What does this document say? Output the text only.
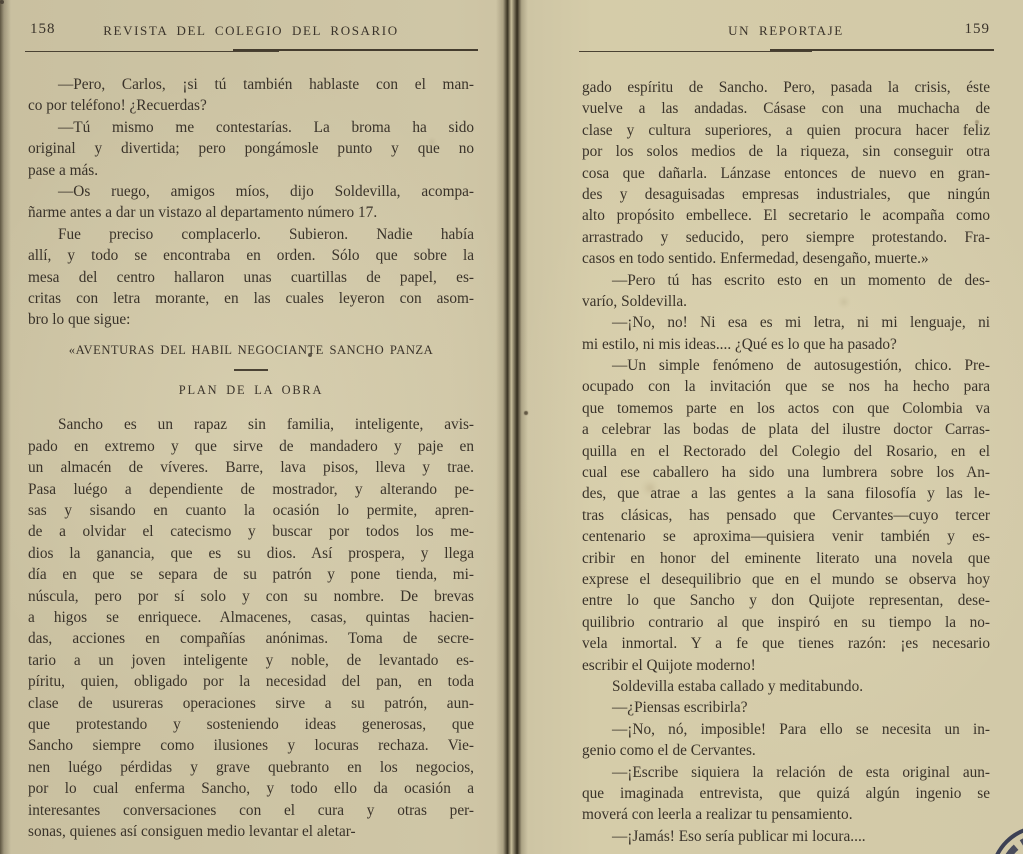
158	REVISTA DEL COLEGIO DEL ROSARIO
—Pero, Carlos, ¡si tú también hablaste con el man-
co por teléfono! ¿Recuerdas?
—Tú mismo me contestarías. La broma ha sido
original y divertida; pero pongámosle punto y que no
pase a más.
—Os ruego, amigos míos, dijo Soldevilla, acompa-
ñarme antes a dar un vistazo al departamento número 17.
Fue preciso complacerlo. Subieron. Nadie había
allí, y todo se encontraba en orden. Sólo que sobre la
mesa del centro hallaron unas cuartillas de papel, es-
critas con letra morante, en las cuales leyeron con asom-
bro lo que sigue:
«AVENTURAS DEL HABIL NEGOCIANTE SANCHO PANZA
PLAN DE LA OBRA
Sancho es un rapaz sin familia, inteligente, avis-
pado en extremo y que sirve de mandadero y paje en
un almacén de víveres. Barre, lava pisos, lleva y trae.
Pasa luégo a dependiente de mostrador, y alterando pe-
sas y sisando en cuanto la ocasión lo permite, apren-
de a olvidar el catecismo y buscar por todos los me-
dios la ganancia, que es su dios. Así prospera, y llega
día en que se separa de su patrón y pone tienda, mi-
núscula, pero por sí solo y con su nombre. De brevas
a higos se enriquece. Almacenes, casas, quintas hacien-
das, acciones en compañías anónimas. Toma de secre-
tario a un joven inteligente y noble, de levantado es-
píritu, quien, obligado por la necesidad del pan, en toda
clase de usureras operaciones sirve a su patrón, aun-
que protestando y sosteniendo ideas generosas, que
Sancho siempre como ilusiones y locuras rechaza. Vie-
nen luégo pérdidas y grave quebranto en los negocios,
por lo cual enferma Sancho, y todo ello da ocasión a
interesantes conversaciones con el cura y otras per-
sonas, quienes así consiguen medio levantar el aletar-
UN REPORTAJE	159
gado espíritu de Sancho. Pero, pasada la crisis, éste
vuelve a las andadas. Cásase con una muchacha de
clase y cultura superiores, a quien procura hacer feliz
por los solos medios de la riqueza, sin conseguir otra
cosa que dañarla. Lánzase entonces de nuevo en gran-
des y desaguisadas empresas industriales, que ningún
alto propósito embellece. El secretario le acompaña como
arrastrado y seducido, pero siempre protestando. Fra-
casos en todo sentido. Enfermedad, desengaño, muerte.»
—Pero tú has escrito esto en un momento de des-
varío, Soldevilla.
—¡No, no! Ni esa es mi letra, ni mi lenguaje, ni
mi estilo, ni mis ideas.... ¿Qué es lo que ha pasado?
—Un simple fenómeno de autosugestión, chico. Pre-
ocupado con la invitación que se nos ha hecho para
que tomemos parte en los actos con que Colombia va
a celebrar las bodas de plata del ilustre doctor Carras-
quilla en el Rectorado del Colegio del Rosario, en el
cual ese caballero ha sido una lumbrera sobre los An-
des, que atrae a las gentes a la sana filosofía y las le-
tras clásicas, has pensado que Cervantes—cuyo tercer
centenario se aproxima—quisiera venir también y es-
cribir en honor del eminente literato una novela que
exprese el desequilibrio que en el mundo se observa hoy
entre lo que Sancho y don Quijote representan, dese-
quilibrio contrario al que inspiró en su tiempo la no-
vela inmortal. Y a fe que tienes razón: ¡es necesario
escribir el Quijote moderno!
Soldevilla estaba callado y meditabundo.
—¿Piensas escribirla?
—¡No, nó, imposible! Para ello se necesita un in-
genio como el de Cervantes.
—¡Escribe siquiera la relación de esta original aun-
que imaginada entrevista, que quizá algún ingenio se
moverá con leerla a realizar tu pensamiento.
—¡Jamás! Eso sería publicar mi locura....
